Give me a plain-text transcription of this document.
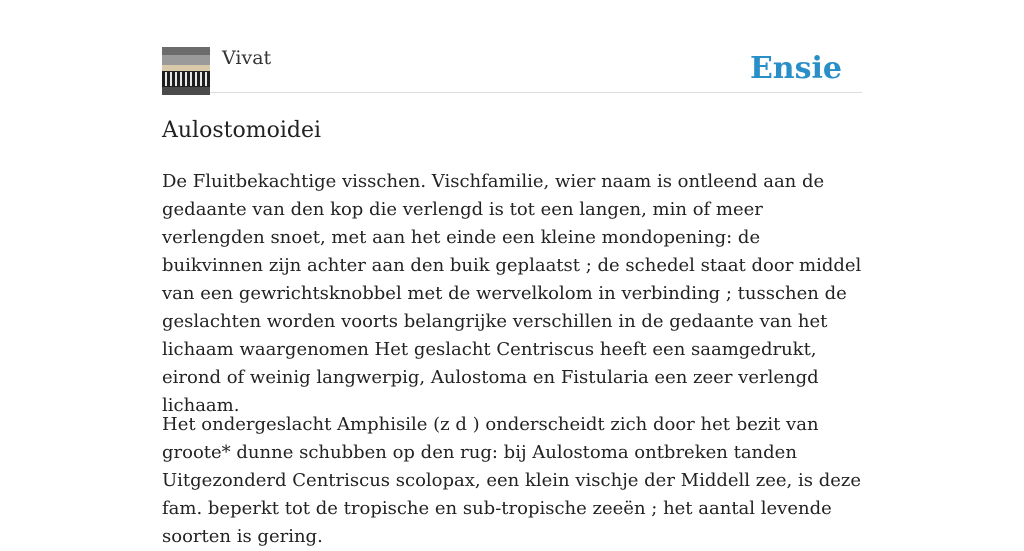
Vivat	Ensie
Aulostomoidei

De Fluitbekachtige visschen. Vischfamilie, wier naam is ontleend aan de gedaante van den kop die verlengd is tot een langen, min of meer verlengden snoet, met aan het einde een kleine mondopening: de buikvinnen zijn achter aan den buik geplaatst ; de schedel staat door middel van een gewrichtsknobbel met de wervelkolom in verbinding ; tusschen de geslachten worden voorts belangrijke verschillen in de gedaante van het lichaam waargenomen Het geslacht Centriscus heeft een saamgedrukt, eirond of weinig langwerpig, Aulostoma en Fistularia een zeer verlengd lichaam.

Het ondergeslacht Amphisile (z d ) onderscheidt zich door het bezit van groote* dunne schubben op den rug: bij Aulostoma ontbreken tanden Uitgezonderd Centriscus scolopax, een klein vischje der Middell zee, is deze fam. beperkt tot de tropische en sub-tropische zeeën ; het aantal levende soorten is gering.
